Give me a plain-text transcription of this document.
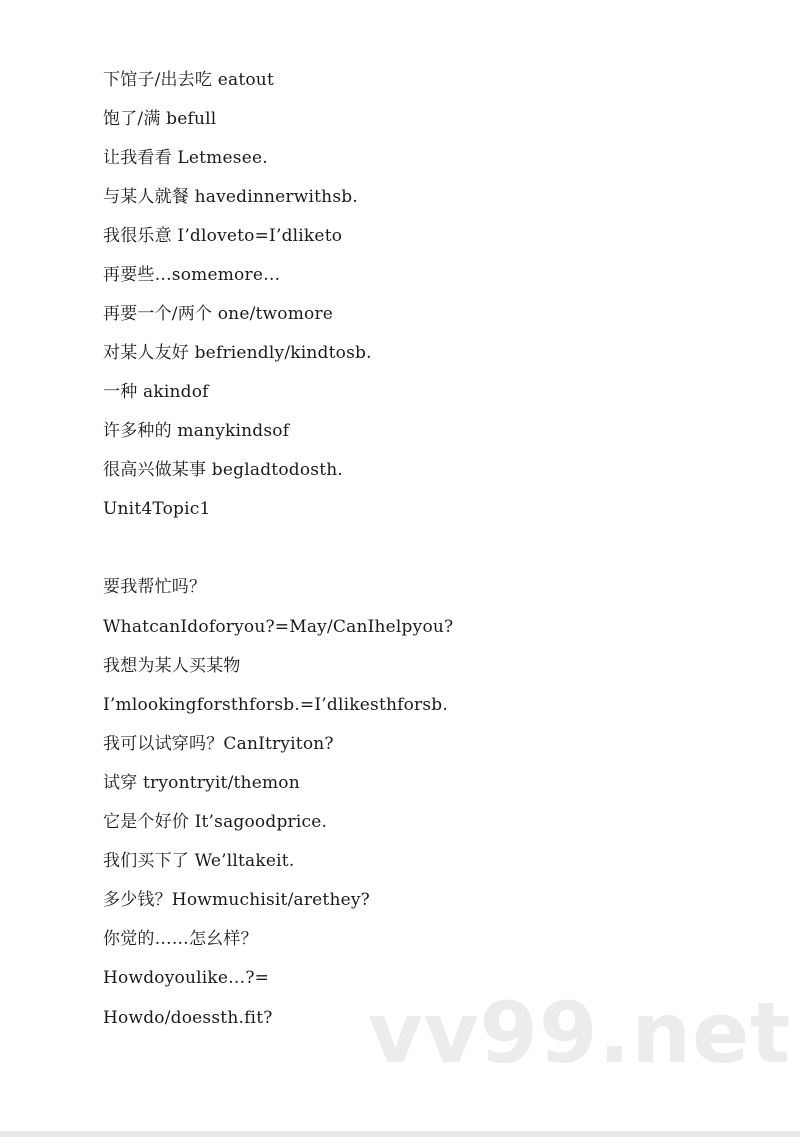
下馆子/出去吃 eatout
饱了/满 befull
让我看看 Letmesee.
与某人就餐 havedinnerwithsb.
我很乐意 I’dloveto=I’dliketo
再要些…somemore…
再要一个/两个 one/twomore
对某人友好 befriendly/kindtosb.
一种 akindof
许多种的 manykindsof
很高兴做某事 begladtodosth.
Unit4Topic1
要我帮忙吗？
WhatcanIdoforyou?=May/CanIhelpyou?
我想为某人买某物
I’mlookingforsthforsb.=I’dlikesthforsb.
我可以试穿吗？CanItryiton?
试穿 tryontryit/themon
它是个好价 It’sagoodprice.
我们买下了 We’lltakeit.
多少钱？Howmuchisit/arethey?
你觉的……怎幺样？
Howdoyoulike…?=
Howdo/doessth.fit? vv99.net
